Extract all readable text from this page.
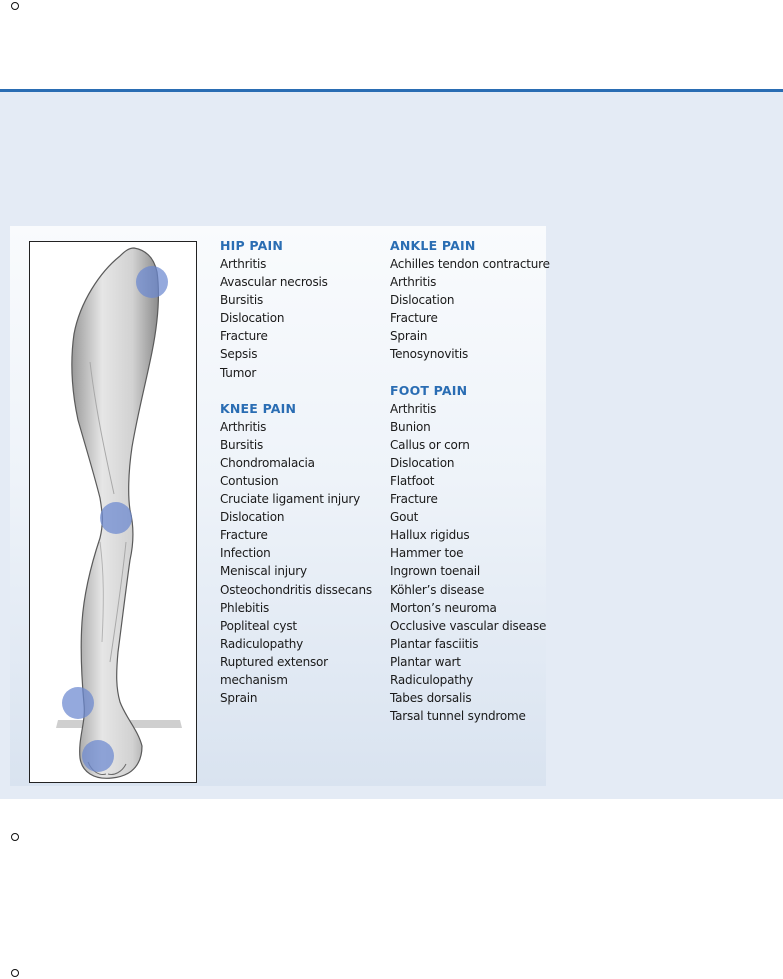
HIP PAIN
Arthritis
Avascular necrosis
Bursitis
Dislocation
Fracture
Sepsis
Tumor
KNEE PAIN
Arthritis
Bursitis
Chondromalacia
Contusion
Cruciate ligament injury
Dislocation
Fracture
Infection
Meniscal injury
Osteochondritis dissecans
Phlebitis
Popliteal cyst
Radiculopathy
Ruptured extensor
mechanism
Sprain
ANKLE PAIN
Achilles tendon contracture
Arthritis
Dislocation
Fracture
Sprain
Tenosynovitis
FOOT PAIN
Arthritis
Bunion
Callus or corn
Dislocation
Flatfoot
Fracture
Gout
Hallux rigidus
Hammer toe
Ingrown toenail
Köhler’s disease
Morton’s neuroma
Occlusive vascular disease
Plantar fasciitis
Plantar wart
Radiculopathy
Tabes dorsalis
Tarsal tunnel syndrome
